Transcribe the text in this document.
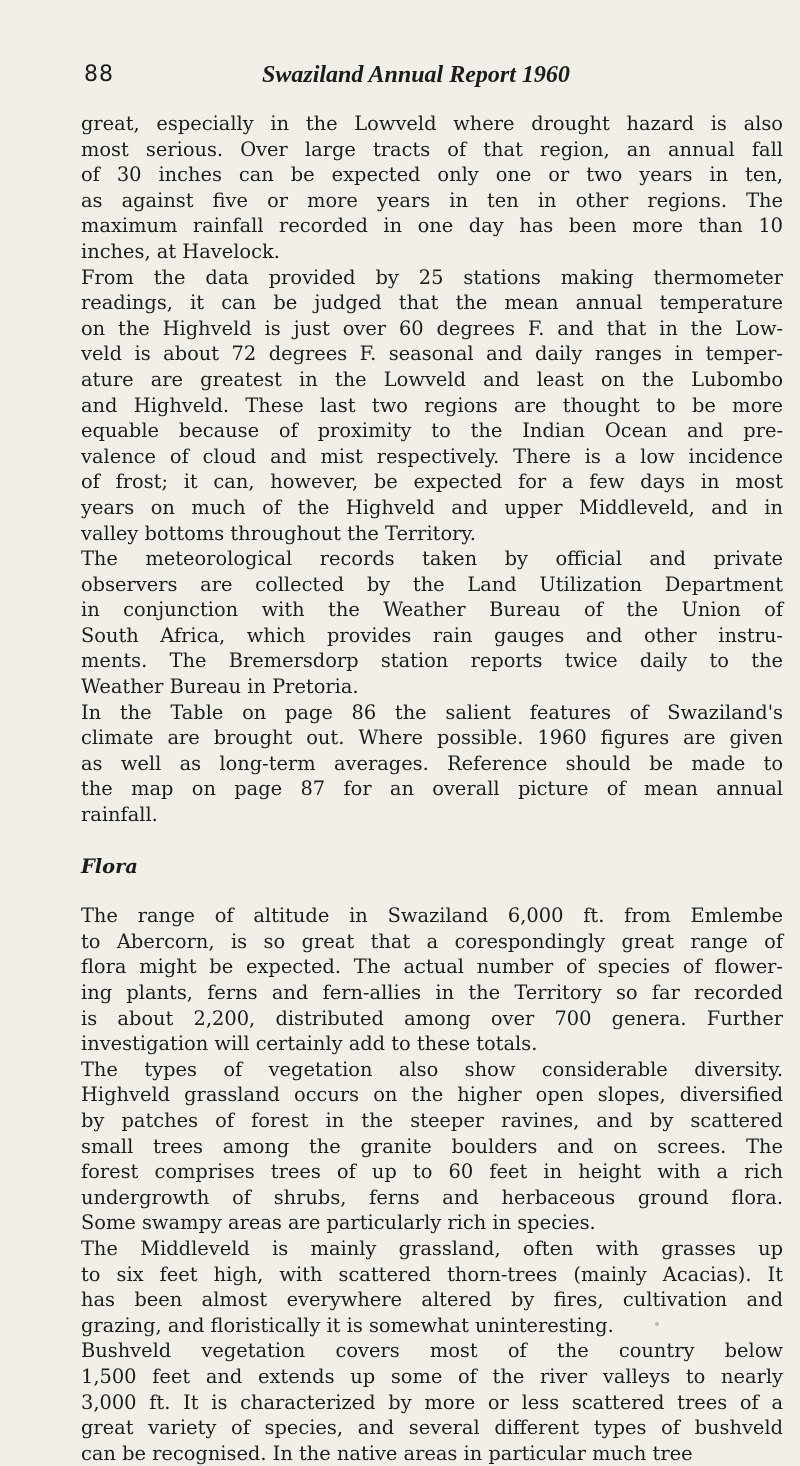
88	Swaziland Annual Report 1960
great, especially in the Lowveld where drought hazard is also
most serious. Over large tracts of that region, an annual fall
of 30 inches can be expected only one or two years in ten,
as against five or more years in ten in other regions. The
maximum rainfall recorded in one day has been more than 10
inches, at Havelock.
From the data provided by 25 stations making thermometer
readings, it can be judged that the mean annual temperature
on the Highveld is just over 60 degrees F. and that in the Low-
veld is about 72 degrees F. seasonal and daily ranges in temper-
ature are greatest in the Lowveld and least on the Lubombo
and Highveld. These last two regions are thought to be more
equable because of proximity to the Indian Ocean and pre-
valence of cloud and mist respectively. There is a low incidence
of frost; it can, however, be expected for a few days in most
years on much of the Highveld and upper Middleveld, and in
valley bottoms throughout the Territory.
The meteorological records taken by official and private
observers are collected by the Land Utilization Department
in conjunction with the Weather Bureau of the Union of
South Africa, which provides rain gauges and other instru-
ments. The Bremersdorp station reports twice daily to the
Weather Bureau in Pretoria.
In the Table on page 86 the salient features of Swaziland's
climate are brought out. Where possible. 1960 figures are given
as well as long-term averages. Reference should be made to
the map on page 87 for an overall picture of mean annual
rainfall.
Flora
The range of altitude in Swaziland 6,000 ft. from Emlembe
to Abercorn, is so great that a corespondingly great range of
flora might be expected. The actual number of species of flower-
ing plants, ferns and fern-allies in the Territory so far recorded
is about 2,200, distributed among over 700 genera. Further
investigation will certainly add to these totals.
The types of vegetation also show considerable diversity.
Highveld grassland occurs on the higher open slopes, diversified
by patches of forest in the steeper ravines, and by scattered
small trees among the granite boulders and on screes. The
forest comprises trees of up to 60 feet in height with a rich
undergrowth of shrubs, ferns and herbaceous ground flora.
Some swampy areas are particularly rich in species.
The Middleveld is mainly grassland, often with grasses up
to six feet high, with scattered thorn-trees (mainly Acacias). It
has been almost everywhere altered by fires, cultivation and
grazing, and floristically it is somewhat uninteresting.
Bushveld vegetation covers most of the country below
1,500 feet and extends up some of the river valleys to nearly
3,000 ft. It is characterized by more or less scattered trees of a
great variety of species, and several different types of bushveld
can be recognised. In the native areas in particular much tree
